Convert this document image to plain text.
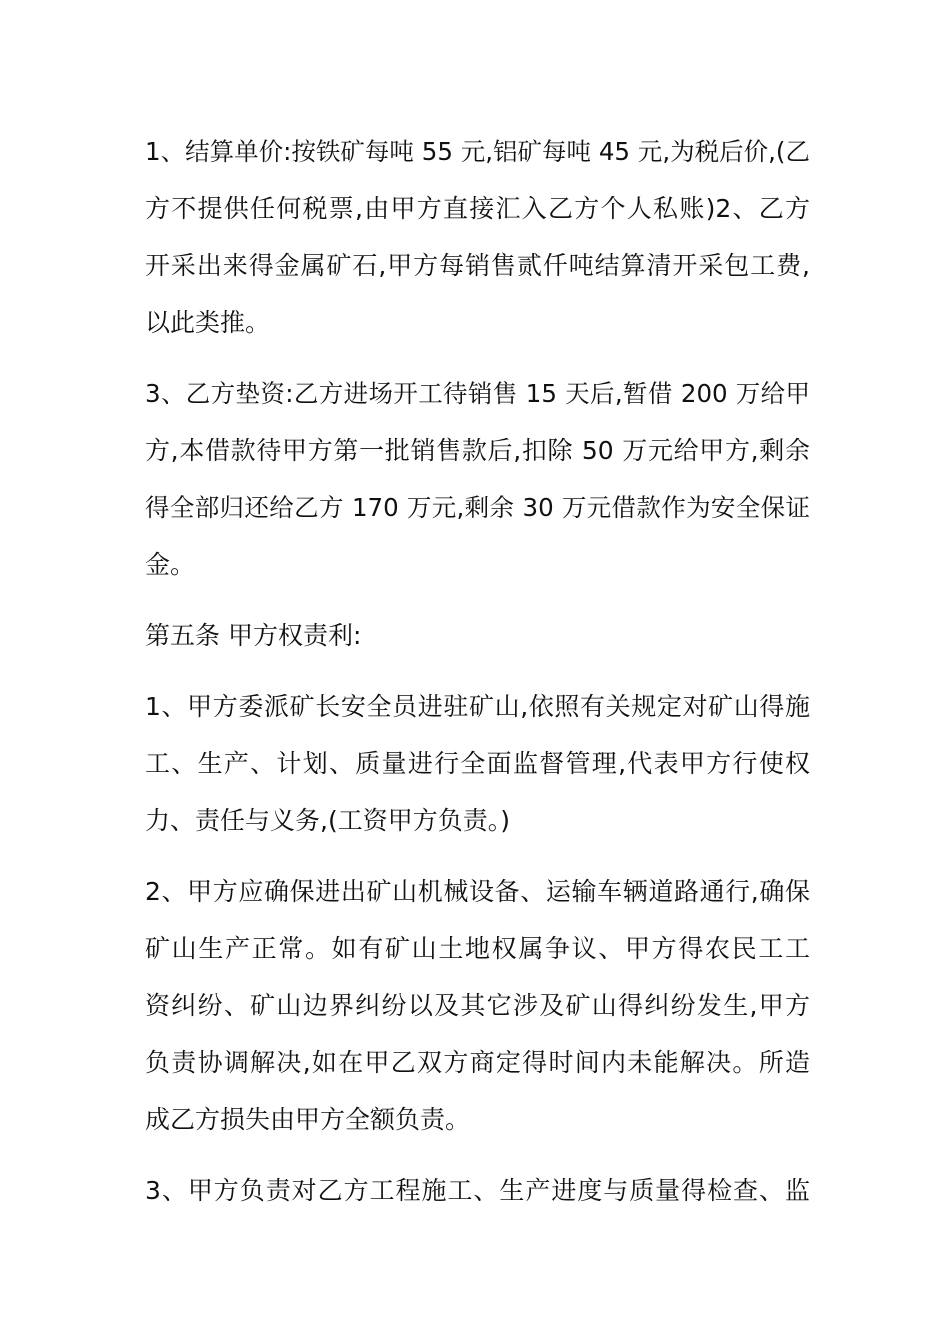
1、结算单价:按铁矿每吨 55 元,铝矿每吨 45 元,为税后价,(乙
方不提供任何税票,由甲方直接汇入乙方个人私账)2、乙方
开采出来得金属矿石,甲方每销售贰仟吨结算清开采包工费,
以此类推。

3、乙方垫资:乙方进场开工待销售 15 天后,暂借 200 万给甲
方,本借款待甲方第一批销售款后,扣除 50 万元给甲方,剩余
得全部归还给乙方 170 万元,剩余 30 万元借款作为安全保证
金。

第五条 甲方权责利:

1、甲方委派矿长安全员进驻矿山,依照有关规定对矿山得施
工、生产、计划、质量进行全面监督管理,代表甲方行使权
力、责任与义务,(工资甲方负责。)

2、甲方应确保进出矿山机械设备、运输车辆道路通行,确保
矿山生产正常。如有矿山土地权属争议、甲方得农民工工
资纠纷、矿山边界纠纷以及其它涉及矿山得纠纷发生,甲方
负责协调解决,如在甲乙双方商定得时间内未能解决。所造
成乙方损失由甲方全额负责。

3、甲方负责对乙方工程施工、生产进度与质量得检查、监
